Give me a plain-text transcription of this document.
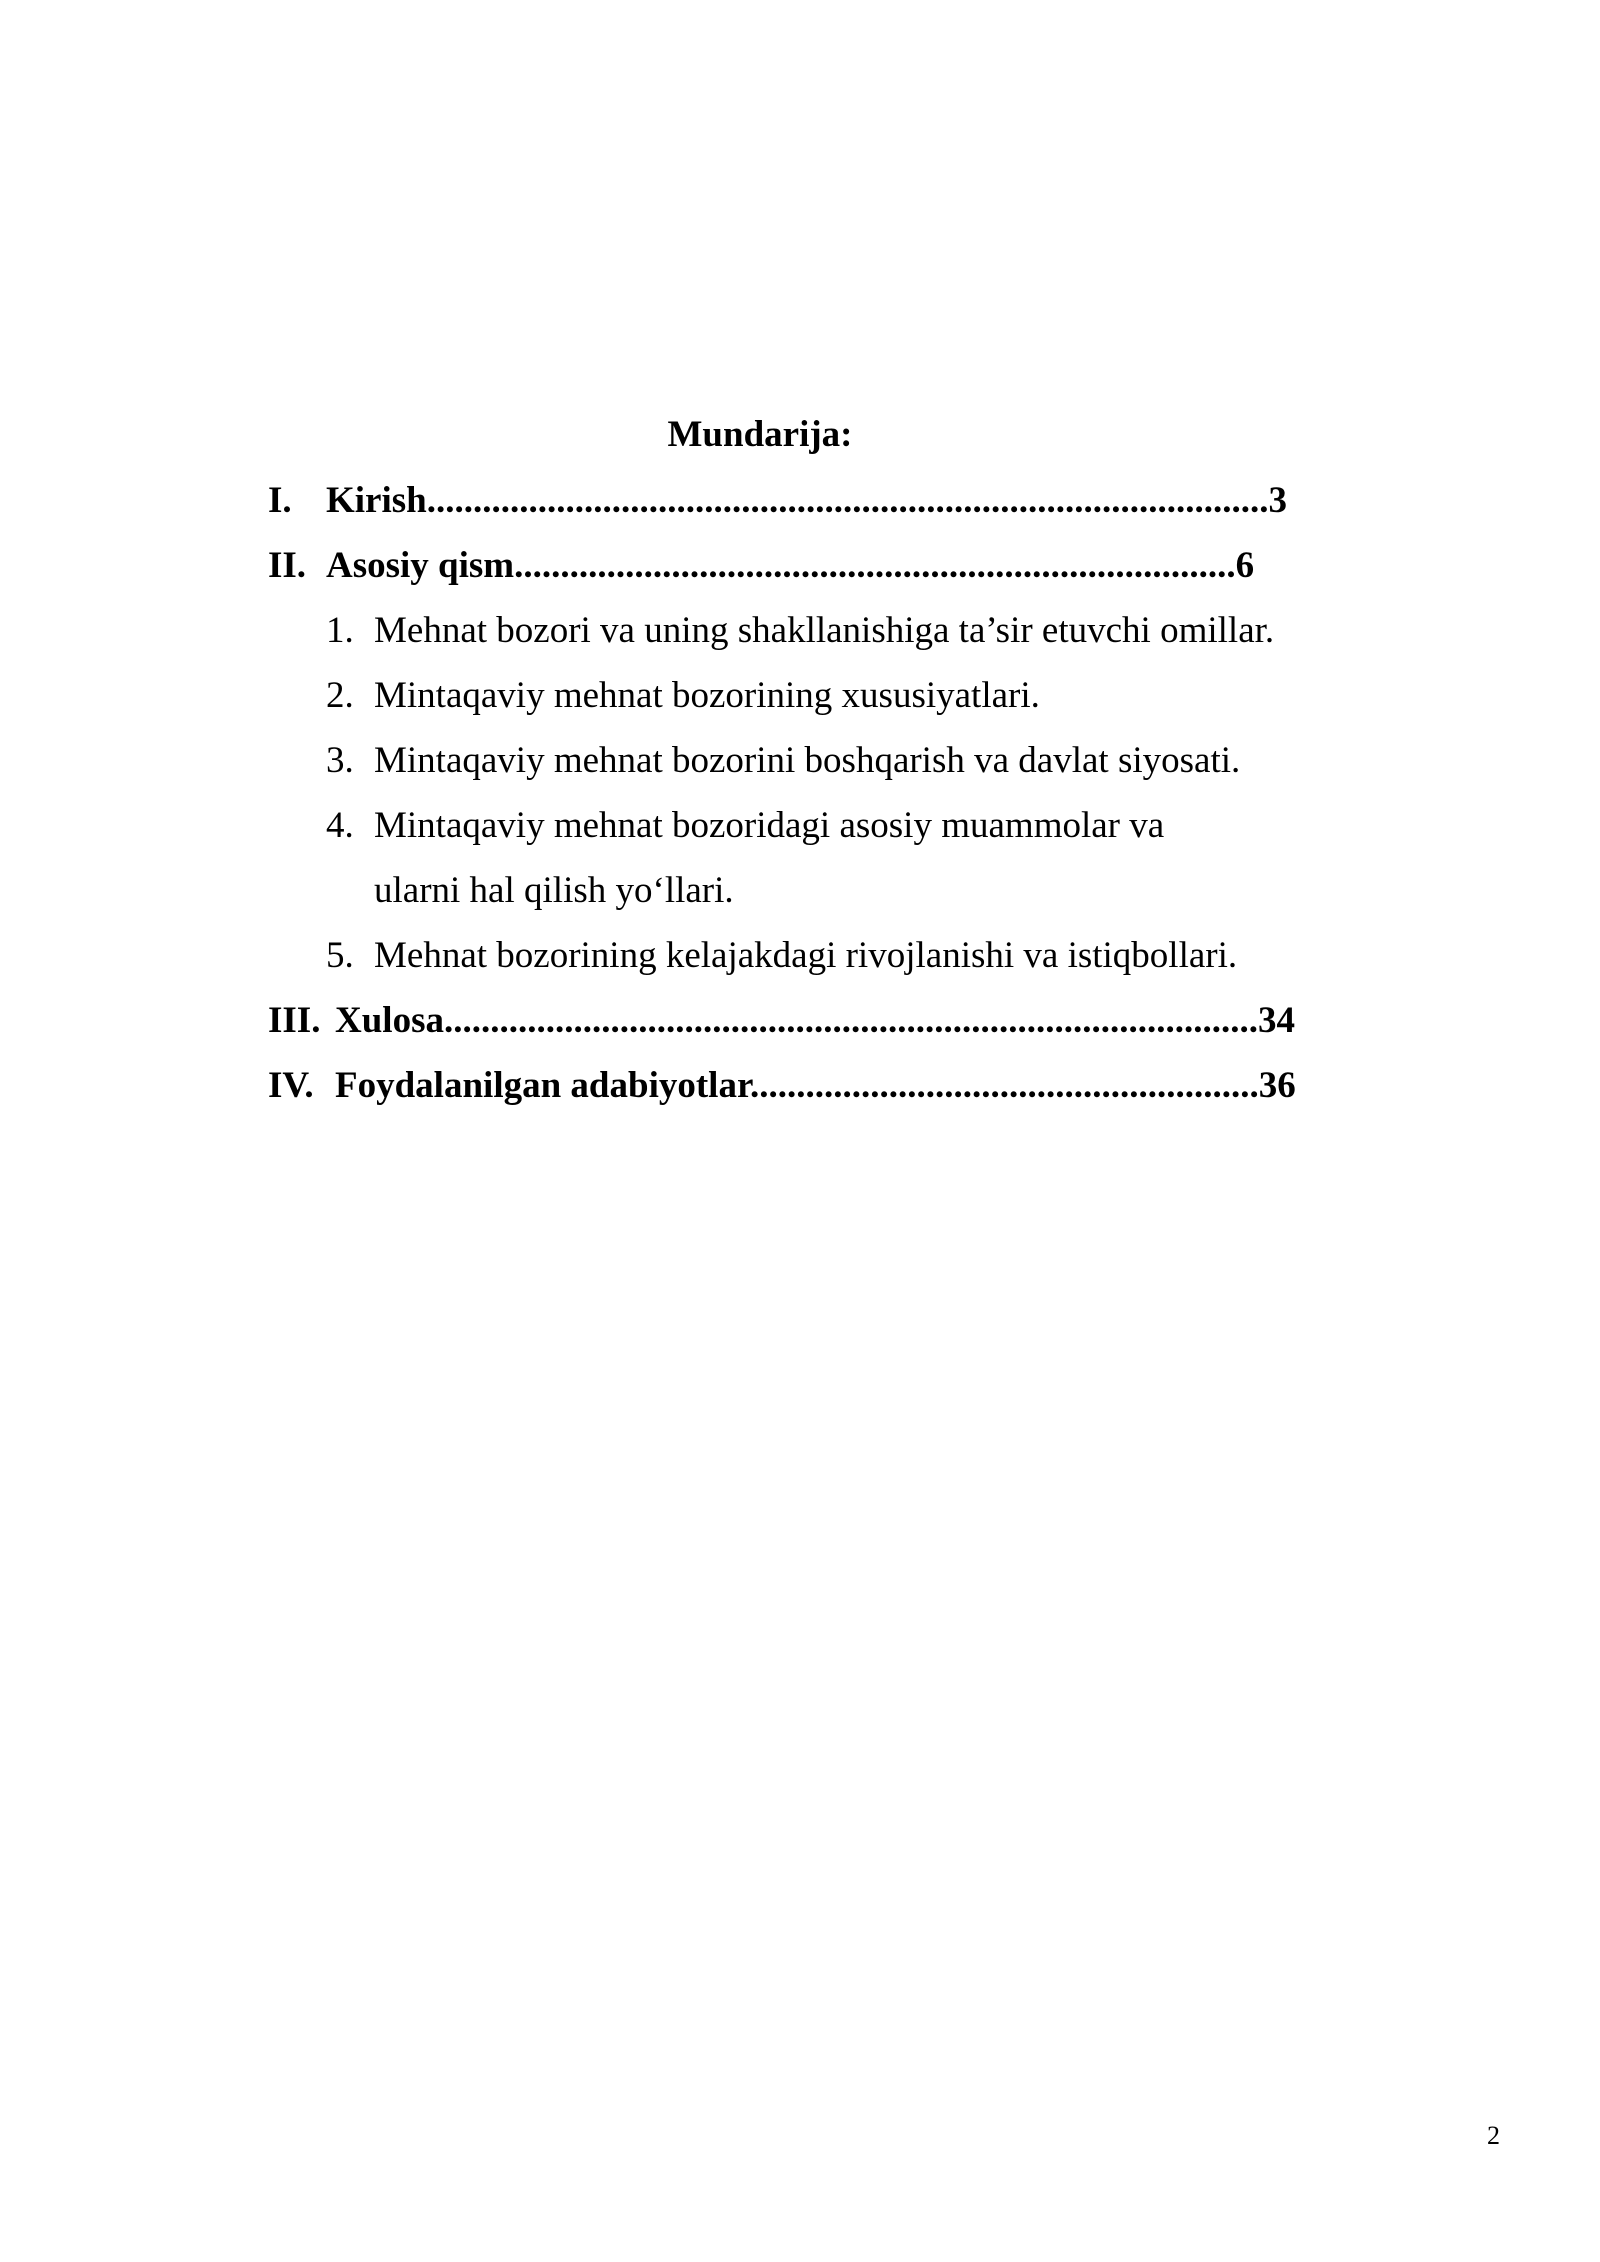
Mundarija:
I. Kirish...........................................................................................3
II. Asosiy qism..............................................................................6
1. Mehnat bozori va uning shakllanishiga ta’sir etuvchi omillar.
2. Mintaqaviy mehnat bozorining xususiyatlari.
3. Mintaqaviy mehnat bozorini boshqarish va davlat siyosati.
4. Mintaqaviy mehnat bozoridagi asosiy muammolar va
ularni hal qilish yo‘llari.
5. Mehnat bozorining kelajakdagi rivojlanishi va istiqbollari.
III. Xulosa........................................................................................34
IV. Foydalanilgan adabiyotlar.......................................................36
2
